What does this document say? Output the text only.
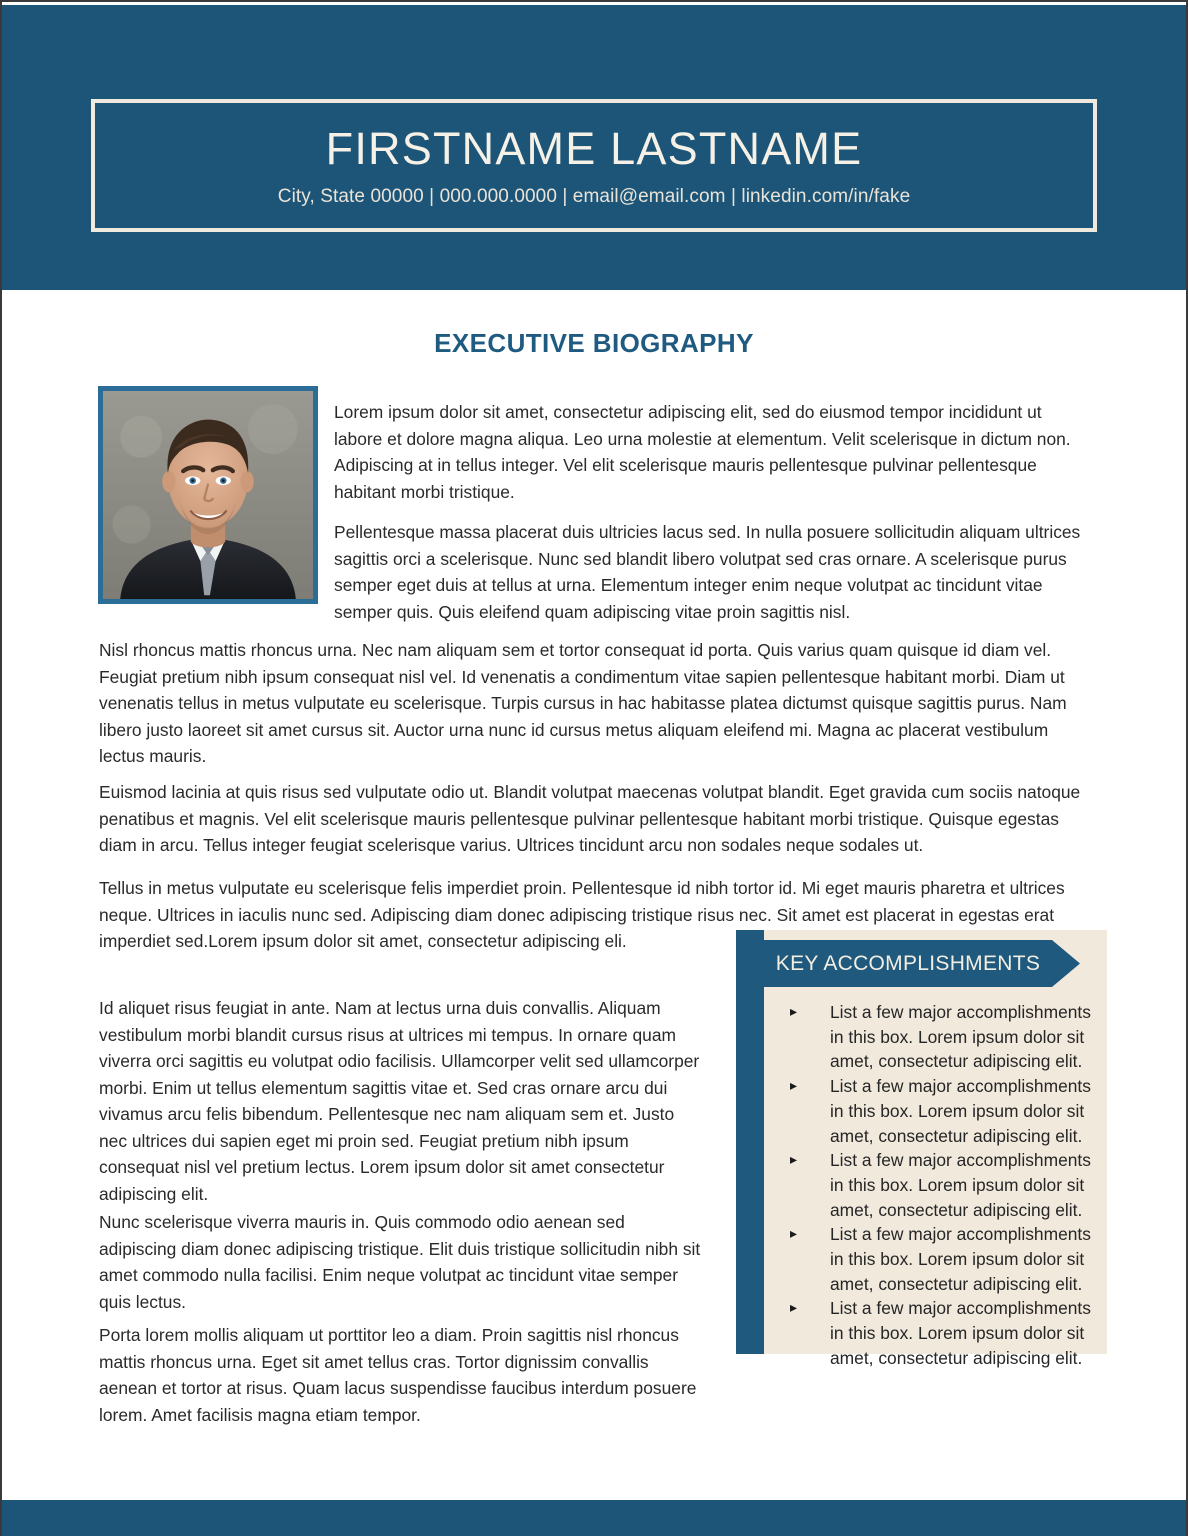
FIRSTNAME LASTNAME
City, State 00000 | 000.000.0000 | email@email.com | linkedin.com/in/fake
EXECUTIVE BIOGRAPHY

Lorem ipsum dolor sit amet, consectetur adipiscing elit, sed do eiusmod tempor incididunt ut labore et dolore magna aliqua. Leo urna molestie at elementum. Velit scelerisque in dictum non. Adipiscing at in tellus integer. Vel elit scelerisque mauris pellentesque pulvinar pellentesque habitant morbi tristique.

Pellentesque massa placerat duis ultricies lacus sed. In nulla posuere sollicitudin aliquam ultrices sagittis orci a scelerisque. Nunc sed blandit libero volutpat sed cras ornare. A scelerisque purus semper eget duis at tellus at urna. Elementum integer enim neque volutpat ac tincidunt vitae semper quis. Quis eleifend quam adipiscing vitae proin sagittis nisl.

Nisl rhoncus mattis rhoncus urna. Nec nam aliquam sem et tortor consequat id porta. Quis varius quam quisque id diam vel. Feugiat pretium nibh ipsum consequat nisl vel. Id venenatis a condimentum vitae sapien pellentesque habitant morbi. Diam ut venenatis tellus in metus vulputate eu scelerisque. Turpis cursus in hac habitasse platea dictumst quisque sagittis purus. Nam libero justo laoreet sit amet cursus sit. Auctor urna nunc id cursus metus aliquam eleifend mi. Magna ac placerat vestibulum lectus mauris.

Euismod lacinia at quis risus sed vulputate odio ut. Blandit volutpat maecenas volutpat blandit. Eget gravida cum sociis natoque penatibus et magnis. Vel elit scelerisque mauris pellentesque pulvinar pellentesque habitant morbi tristique. Quisque egestas diam in arcu. Tellus integer feugiat scelerisque varius. Ultrices tincidunt arcu non sodales neque sodales ut.

Tellus in metus vulputate eu scelerisque felis imperdiet proin. Pellentesque id nibh tortor id. Mi eget mauris pharetra et ultrices neque. Ultrices in iaculis nunc sed. Adipiscing diam donec adipiscing tristique risus nec. Sit amet est placerat in egestas erat imperdiet sed.Lorem ipsum dolor sit amet, consectetur adipiscing eli.

Id aliquet risus feugiat in ante. Nam at lectus urna duis convallis. Aliquam vestibulum morbi blandit cursus risus at ultrices mi tempus. In ornare quam viverra orci sagittis eu volutpat odio facilisis. Ullamcorper velit sed ullamcorper morbi. Enim ut tellus elementum sagittis vitae et. Sed cras ornare arcu dui vivamus arcu felis bibendum. Pellentesque nec nam aliquam sem et. Justo nec ultrices dui sapien eget mi proin sed. Feugiat pretium nibh ipsum consequat nisl vel pretium lectus. Lorem ipsum dolor sit amet consectetur adipiscing elit.

Nunc scelerisque viverra mauris in. Quis commodo odio aenean sed adipiscing diam donec adipiscing tristique. Elit duis tristique sollicitudin nibh sit amet commodo nulla facilisi. Enim neque volutpat ac tincidunt vitae semper quis lectus.

Porta lorem mollis aliquam ut porttitor leo a diam. Proin sagittis nisl rhoncus mattis rhoncus urna. Eget sit amet tellus cras. Tortor dignissim convallis aenean et tortor at risus. Quam lacus suspendisse faucibus interdum posuere lorem. Amet facilisis magna etiam tempor.

KEY ACCOMPLISHMENTS
▸ List a few major accomplishments in this box. Lorem ipsum dolor sit amet, consectetur adipiscing elit.
▸ List a few major accomplishments in this box. Lorem ipsum dolor sit amet, consectetur adipiscing elit.
▸ List a few major accomplishments in this box. Lorem ipsum dolor sit amet, consectetur adipiscing elit.
▸ List a few major accomplishments in this box. Lorem ipsum dolor sit amet, consectetur adipiscing elit.
▸ List a few major accomplishments in this box. Lorem ipsum dolor sit amet, consectetur adipiscing elit.
